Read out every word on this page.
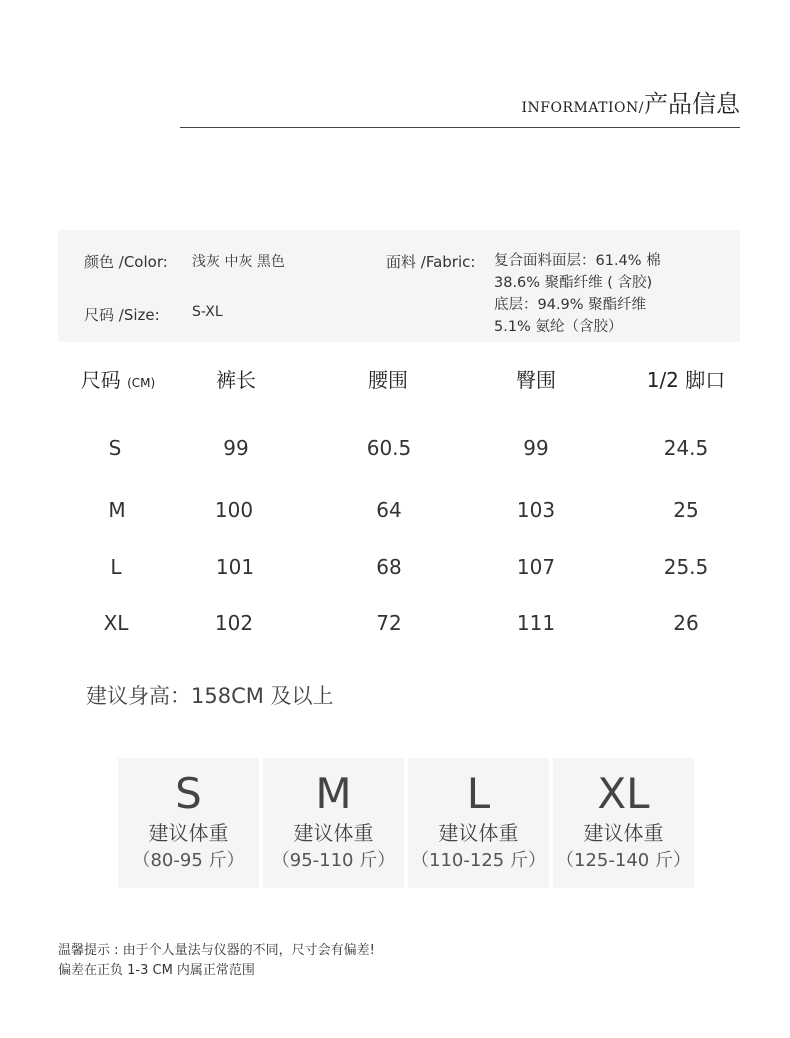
INFORMATION/ 产品信息
颜色 /Color: 浅灰 中灰 黑色
尺码 /Size: S-XL
面料 /Fabric: 复合面料面层：61.4% 棉
38.6% 聚酯纤维 ( 含胶)
底层：94.9% 聚酯纤维
5.1% 氨纶（含胶）
尺码 (CM)	裤长	腰围	臀围	1/2 脚口
S	99	60.5	99	24.5
M	100	64	103	25
L	101	68	107	25.5
XL	102	72	111	26
建议身高：158CM 及以上
S
建议体重
（80-95 斤）
M
建议体重
（95-110 斤）
L
建议体重
（110-125 斤）
XL
建议体重
（125-140 斤）
温馨提示 : 由于个人量法与仪器的不同，尺寸会有偏差!
偏差在正负 1-3 CM 内属正常范围
